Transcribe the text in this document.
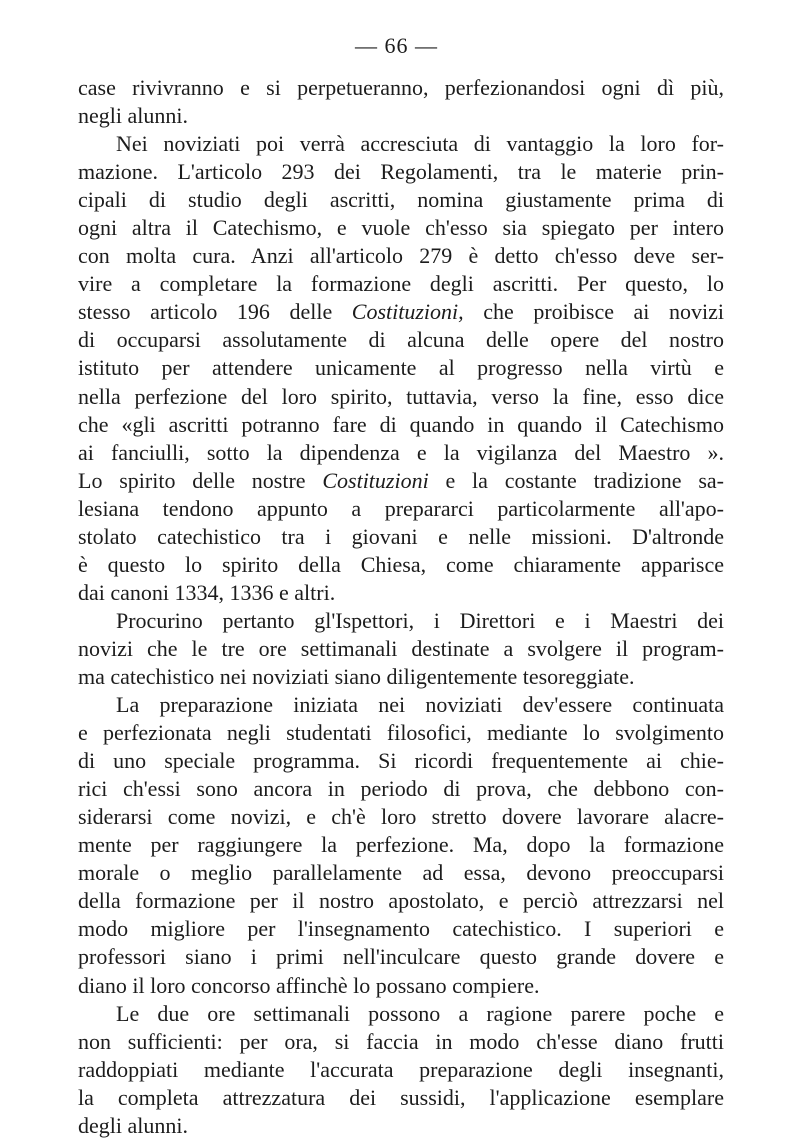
— 66 —
case rivivranno e si perpetueranno, perfezionandosi ogni dì più,
negli alunni.
Nei noviziati poi verrà accresciuta di vantaggio la loro for-
mazione. L'articolo 293 dei Regolamenti, tra le materie prin-
cipali di studio degli ascritti, nomina giustamente prima di
ogni altra il Catechismo, e vuole ch'esso sia spiegato per intero
con molta cura. Anzi all'articolo 279 è detto ch'esso deve ser-
vire a completare la formazione degli ascritti. Per questo, lo
stesso articolo 196 delle Costituzioni, che proibisce ai novizi
di occuparsi assolutamente di alcuna delle opere del nostro
istituto per attendere unicamente al progresso nella virtù e
nella perfezione del loro spirito, tuttavia, verso la fine, esso dice
che «gli ascritti potranno fare di quando in quando il Catechismo
ai fanciulli, sotto la dipendenza e la vigilanza del Maestro ».
Lo spirito delle nostre Costituzioni e la costante tradizione sa-
lesiana tendono appunto a prepararci particolarmente all'apo-
stolato catechistico tra i giovani e nelle missioni. D'altronde
è questo lo spirito della Chiesa, come chiaramente apparisce
dai canoni 1334, 1336 e altri.
Procurino pertanto gl'Ispettori, i Direttori e i Maestri dei
novizi che le tre ore settimanali destinate a svolgere il program-
ma catechistico nei noviziati siano diligentemente tesoreggiate.
La preparazione iniziata nei noviziati dev'essere continuata
e perfezionata negli studentati filosofici, mediante lo svolgimento
di uno speciale programma. Si ricordi frequentemente ai chie-
rici ch'essi sono ancora in periodo di prova, che debbono con-
siderarsi come novizi, e ch'è loro stretto dovere lavorare alacre-
mente per raggiungere la perfezione. Ma, dopo la formazione
morale o meglio parallelamente ad essa, devono preoccuparsi
della formazione per il nostro apostolato, e perciò attrezzarsi nel
modo migliore per l'insegnamento catechistico. I superiori e
professori siano i primi nell'inculcare questo grande dovere e
diano il loro concorso affinchè lo possano compiere.
Le due ore settimanali possono a ragione parere poche e
non sufficienti: per ora, si faccia in modo ch'esse diano frutti
raddoppiati mediante l'accurata preparazione degli insegnanti,
la completa attrezzatura dei sussidi, l'applicazione esemplare
degli alunni.
